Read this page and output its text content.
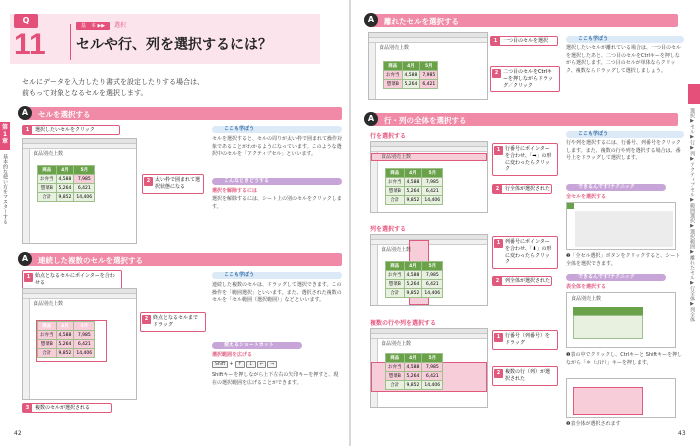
Q
11
基　本 ▶▶	選択
セルや行、列を選択するには？
セルにデータを入力したり書式を設定したりする場合は、
前もって対象となるセルを選択します。
第1章
基本的な使い方をマスターする
A	セルを選択する
1	選択したいセルをクリック
食品別売上数
商品	4月	5月
お弁当	4,588	7,985
惣菜B	5,264	6,421
合計	9,852	14,406
2 太い枠で囲まれて選択状態になる
ここも学ぼう
セルを選択すると、セルの周りが太い枠で囲まれて操作対象であることがわかるようになっています。このような選択中のセルを「アクティブセル」といいます。
こんなときどうする
選択を解除するには
選択を解除するには、シート上の別のセルをクリックします。
A	連続した複数のセルを選択する
1 始点となるセルにポインターを合わせる
食品別売上数
商品	4月	5月
お弁当	4,588	7,985
惣菜B	5,264	6,421
合計	9,852	14,406
2 終点となるセルまでドラッグ
3	複数のセルが選択される
ここも学ぼう
連続した複数のセルは、ドラッグして選択できます。この操作を「範囲選択」といいます。また、選択された複数のセルを「セル範囲（選択範囲）」などといいます。
使えるショートカット
選択範囲を広げる
Shift + ↑ ↓ ← →
Shiftキーを押しながら上下左右の矢印キーを押すと、現在の選択範囲を広げることができます。
42
A	離れたセルを選択する
食品別売上数
商品	4月	5月
お弁当	4,588	7,985
惣菜B	5,264	6,421
1	一つ目のセルを選択
2 二つ目のセルをCtrlキーを押しながらドラッグ／クリック
ここも学ぼう
選択したいセルが離れている場合は、一つ目のセルを選択したあと、二つ目のセルをCtrlキーを押しながら選択します。二つ目のセルが単体ならクリック、複数ならドラッグして選択しましょう。
A	行・列の全体を選択する
行を選択する
食品別売上数
商品	4月	5月
お弁当	4,588	7,985
惣菜B	5,264	6,421
合計	9,852	14,406
1 行番号にポインターを合わせ、「➡」の形に変わったらクリック
2	行全体が選択された
列を選択する
食品別売上数
商品	4月	5月
お弁当	4,588	7,985
惣菜B	5,264	6,421
合計	9,852	14,406
1 列番号にポインターを合わせ、「⬇」の形に変わったらクリック
2	列全体が選択された
複数の行や列を選択する
食品別売上数
商品	4月	5月
お弁当	4,588	7,985
惣菜B	5,264	6,421
合計	9,852	14,406
1 行番号（列番号）をドラッグ
2 複数の行（列）が選択された
ここも学ぼう
行や列を選択するには、行番号、列番号をクリックします。また、複数の行や列を選択する場合は、番号上をドラッグして選択します。
できるんです!テクニック
全セルを選択する
❶「全セル選択」ボタンをクリックすると、シート全体を選択できます。
できるんです!テクニック
表全体を選択する
食品別売上数
❶表の中でクリックし、Ctrlキーと Shiftキーを押しながら「＊（:/け）」キーを押します。
❷表全体が選択されます
選択▶セル▶行▶列▶アクティブセル▶範囲選択▶選択範囲▶離れたセル▶行全体▶列全体
43
